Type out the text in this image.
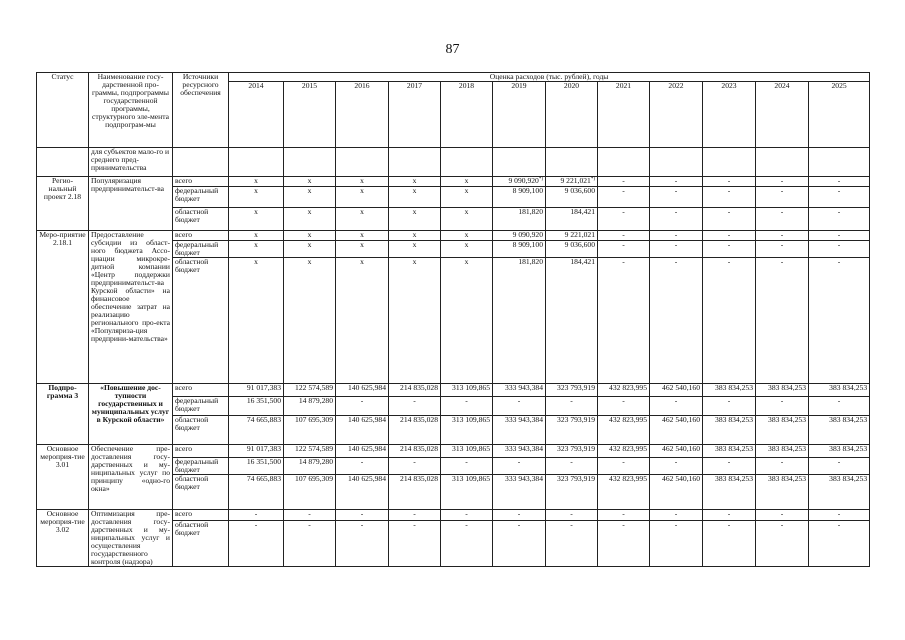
87
Статус	Наименование госу-дарственной про-граммы, подпрограммы государственной программы, структурного эле-мента подпрограм-мы	Источники ресурсного обеспечения	Оценка расходов (тыс. рублей), годы											
			2014	2015	2016	2017	2018	2019	2020	2021	2022	2023	2024	2025
	для субъектов мало-го и среднего пред-принимательства													
Регио-нальный проект 2.18	Популяризация предпринимательст-ва	всего	x	x	x	x	x	9 090,920*)	9 221,021*)	-	-	-	-	-
		федеральный бюджет	x	x	x	x	x	8 909,100	9 036,600	-	-	-	-	-
		областной бюджет	x	x	x	x	x	181,820	184,421	-	-	-	-	-
Меро-приятие 2.18.1	Предоставление субсидии из област-ного бюджета Ассо-циации микрокре-дитной компании «Центр поддержки предпринимательст-ва Курской области» на финансовое обеспечение затрат на реализацию регионального про-екта «Популяриза-ция предприни-мательства»	всего	x	x	x	x	x	9 090,920	9 221,021	-	-	-	-	-
		федеральный бюджет	x	x	x	x	x	8 909,100	9 036,600	-	-	-	-	-
		областной бюджет	x	x	x	x	x	181,820	184,421	-	-	-	-	-
Подпро-грамма 3	«Повышение дос-тупности государственных и муниципальных услуг в Курской области»	всего	91 017,383	122 574,589	140 625,984	214 835,028	313 109,865	333 943,384	323 793,919	432 823,995	462 540,160	383 834,253	383 834,253	383 834,253
		федеральный бюджет	16 351,500	14 879,280	-	-	-	-	-	-	-	-	-	-
		областной бюджет	74 665,883	107 695,309	140 625,984	214 835,028	313 109,865	333 943,384	323 793,919	432 823,995	462 540,160	383 834,253	383 834,253	383 834,253
Основное мероприя-тие 3.01	Обеспечение пре-доставления госу-дарственных и му-ниципальных услуг по принципу «одно-го окна»	всего	91 017,383	122 574,589	140 625,984	214 835,028	313 109,865	333 943,384	323 793,919	432 823,995	462 540,160	383 834,253	383 834,253	383 834,253
		федеральный бюджет	16 351,500	14 879,280	-	-	-	-	-	-	-	-	-	-
		областной бюджет	74 665,883	107 695,309	140 625,984	214 835,028	313 109,865	333 943,384	323 793,919	432 823,995	462 540,160	383 834,253	383 834,253	383 834,253
Основное мероприя-тие 3.02	Оптимизация пре-доставления госу-дарственных и му-ниципальных услуг и осуществления государственного контроля (надзора)	всего	-	-	-	-	-	-	-	-	-	-	-	-
		областной бюджет	-	-	-	-	-	-	-	-	-	-	-	-
